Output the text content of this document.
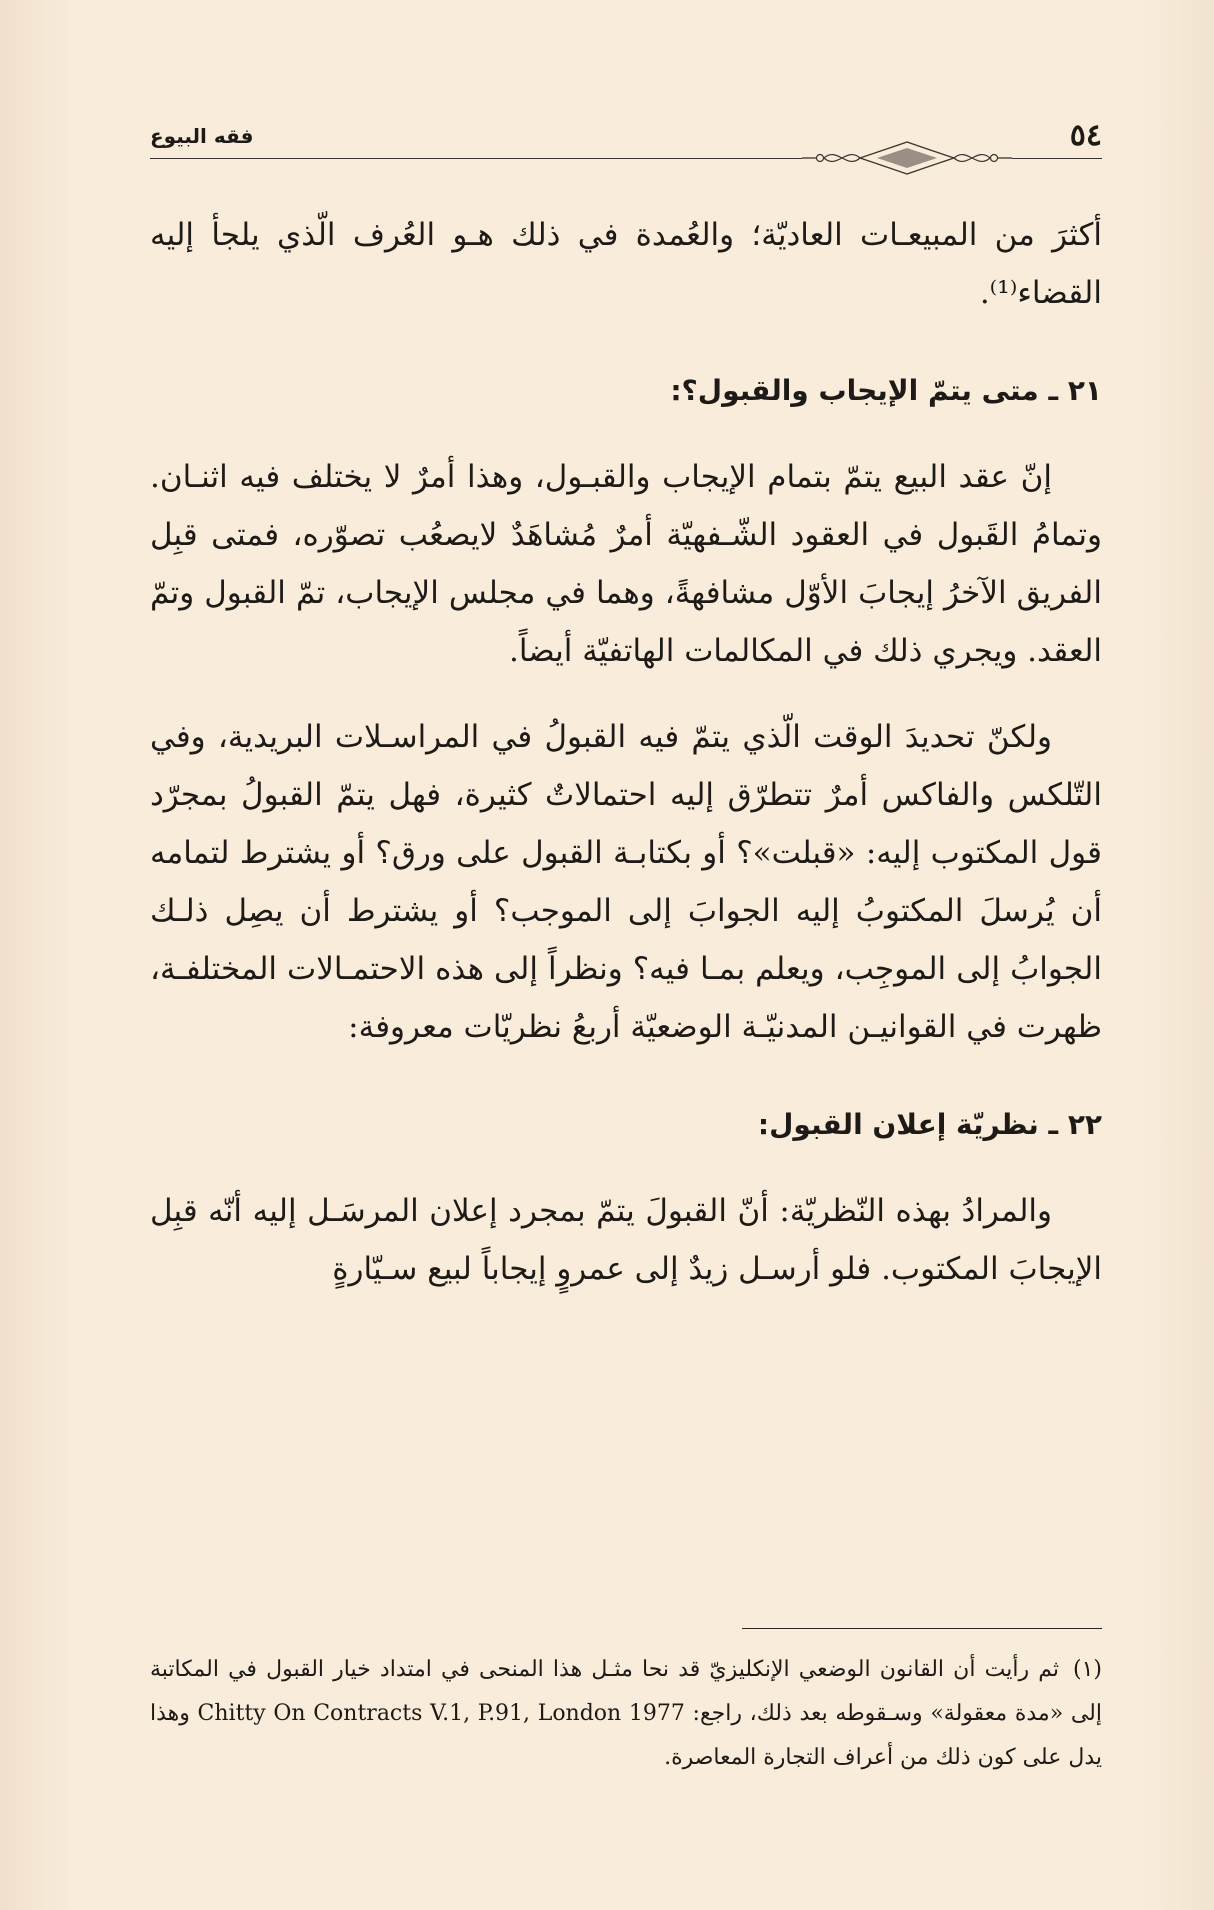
٥٤
فقه البيوع

أكثرَ من المبيعـات العاديّة؛ والعُمدة في ذلك هـو العُرف الّذي يلجأ إليه القضاء⁽¹⁾.

٢١ ـ متى يتمّ الإيجاب والقبول؟:

إنّ عقد البيع يتمّ بتمام الإيجاب والقبـول، وهذا أمرٌ لا يختلف فيه اثنـان. وتمامُ القَبول في العقود الشّـفهيّة أمرٌ مُشاهَدٌ لايصعُب تصوّره، فمتى قبِل الفريق الآخرُ إيجابَ الأوّل مشافهةً، وهما في مجلس الإيجاب، تمّ القبول وتمّ العقد. ويجري ذلك في المكالمات الهاتفيّة أيضاً.

ولكنّ تحديدَ الوقت الّذي يتمّ فيه القبولُ في المراسـلات البريدية، وفي التّلكس والفاكس أمرٌ تتطرّق إليه احتمالاتٌ كثيرة، فهل يتمّ القبولُ بمجرّد قول المكتوب إليه: «قبلت»؟ أو بكتابـة القبول على ورق؟ أو يشترط لتمامه أن يُرسلَ المكتوبُ إليه الجوابَ إلى الموجب؟ أو يشترط أن يصِل ذلـك الجوابُ إلى الموجِب، ويعلم بمـا فيه؟ ونظراً إلى هذه الاحتمـالات المختلفـة، ظهرت في القوانيـن المدنيّـة الوضعيّة أربعُ نظريّات معروفة:

٢٢ ـ نظريّة إعلان القبول:

والمرادُ بهذه النّظريّة: أنّ القبولَ يتمّ بمجرد إعلان المرسَـل إليه أنّه قبِل الإيجابَ المكتوب. فلو أرسـل زيدٌ إلى عمروٍ إيجاباً لبيع سـيّارةٍ

(١)ثم رأيت أن القانون الوضعي الإنكليزيّ قد نحا مثـل هذا المنحى في امتداد خيار القبول في المكاتبة إلى «مدة معقولة» وسـقوطه بعد ذلك، راجع: Chitty On Contracts V.1, P.91, London 1977 وهذا يدل على كون ذلك من أعراف التجارة المعاصرة.
